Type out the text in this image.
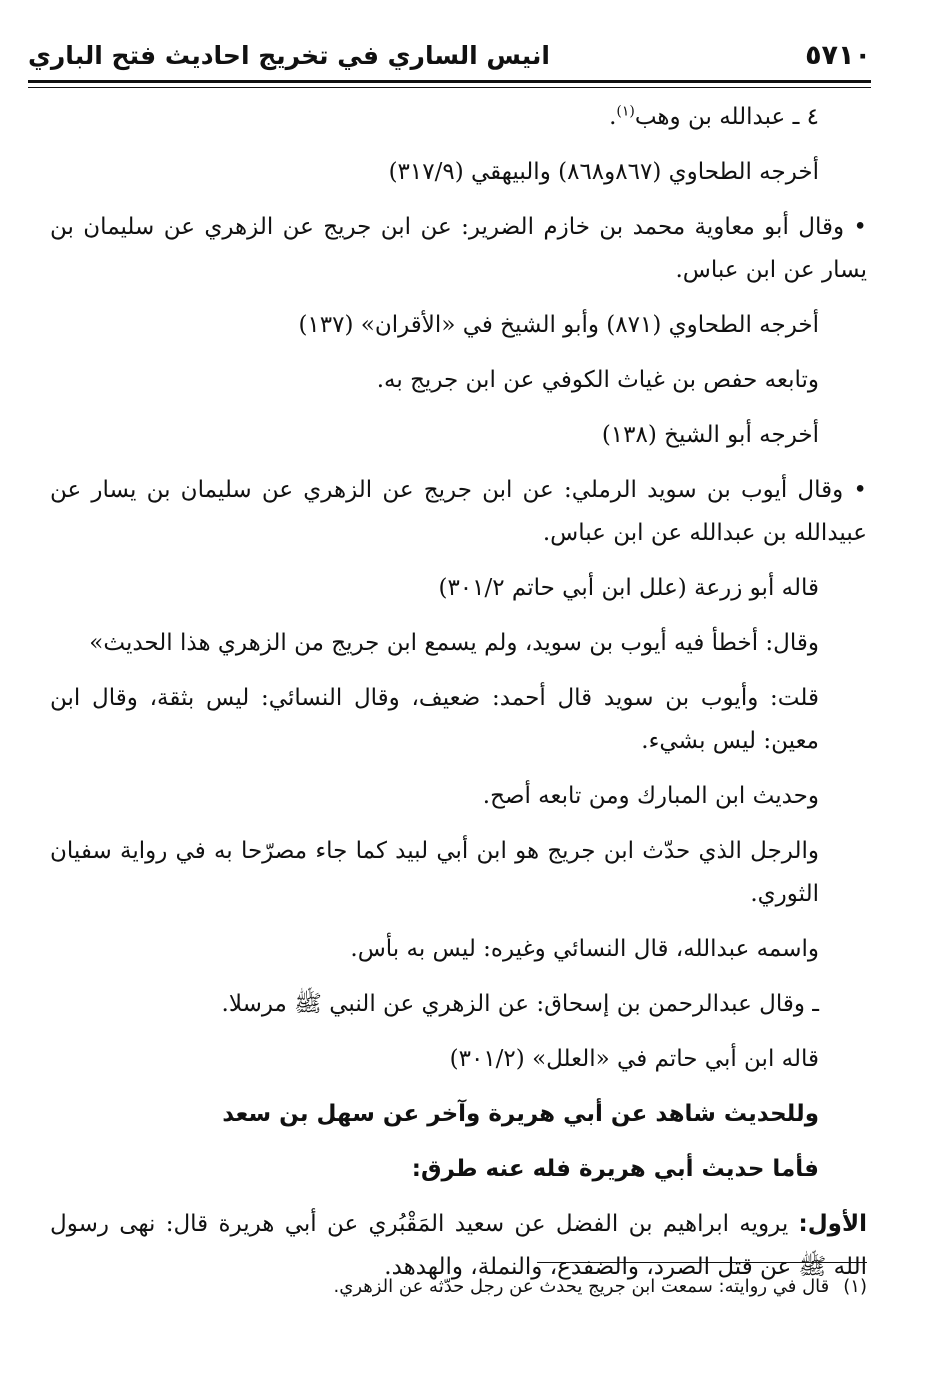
٥٧١٠
انيس الساري في تخريج احاديث فتح الباري

٤ ـ عبدالله بن وهب$^{(١)}$.

أخرجه الطحاوي (٨٦٧و٨٦٨) والبيهقي (٣١٧/٩)

• وقال أبو معاوية محمد بن خازم الضرير: عن ابن جريج عن الزهري عن سليمان بن يسار عن ابن عباس.

أخرجه الطحاوي (٨٧١) وأبو الشيخ في «الأقران» (١٣٧)

وتابعه حفص بن غياث الكوفي عن ابن جريج به.

أخرجه أبو الشيخ (١٣٨)

• وقال أيوب بن سويد الرملي: عن ابن جريج عن الزهري عن سليمان بن يسار عن عبيدالله بن عبدالله عن ابن عباس.

قاله أبو زرعة (علل ابن أبي حاتم ٣٠١/٢)

وقال: أخطأ فيه أيوب بن سويد، ولم يسمع ابن جريج من الزهري هذا الحديث»

قلت: وأيوب بن سويد قال أحمد: ضعيف، وقال النسائي: ليس بثقة، وقال ابن معين: ليس بشيء.

وحديث ابن المبارك ومن تابعه أصح.

والرجل الذي حدّث ابن جريج هو ابن أبي لبيد كما جاء مصرّحا به في رواية سفيان الثوري.

واسمه عبدالله، قال النسائي وغيره: ليس به بأس.

ـ وقال عبدالرحمن بن إسحاق: عن الزهري عن النبي ﷺ مرسلا.

قاله ابن أبي حاتم في «العلل» (٣٠١/٢)

وللحديث شاهد عن أبي هريرة وآخر عن سهل بن سعد

فأما حديث أبي هريرة فله عنه طرق:

الأول: يرويه ابراهيم بن الفضل عن سعيد المَقْبُري عن أبي هريرة قال: نهى رسول الله ﷺ عن قتل الصرد، والضفدع، والنملة، والهدهد.

(١)قال في روايته: سمعت ابن جريج يحدث عن رجل حدّثه عن الزهري.
